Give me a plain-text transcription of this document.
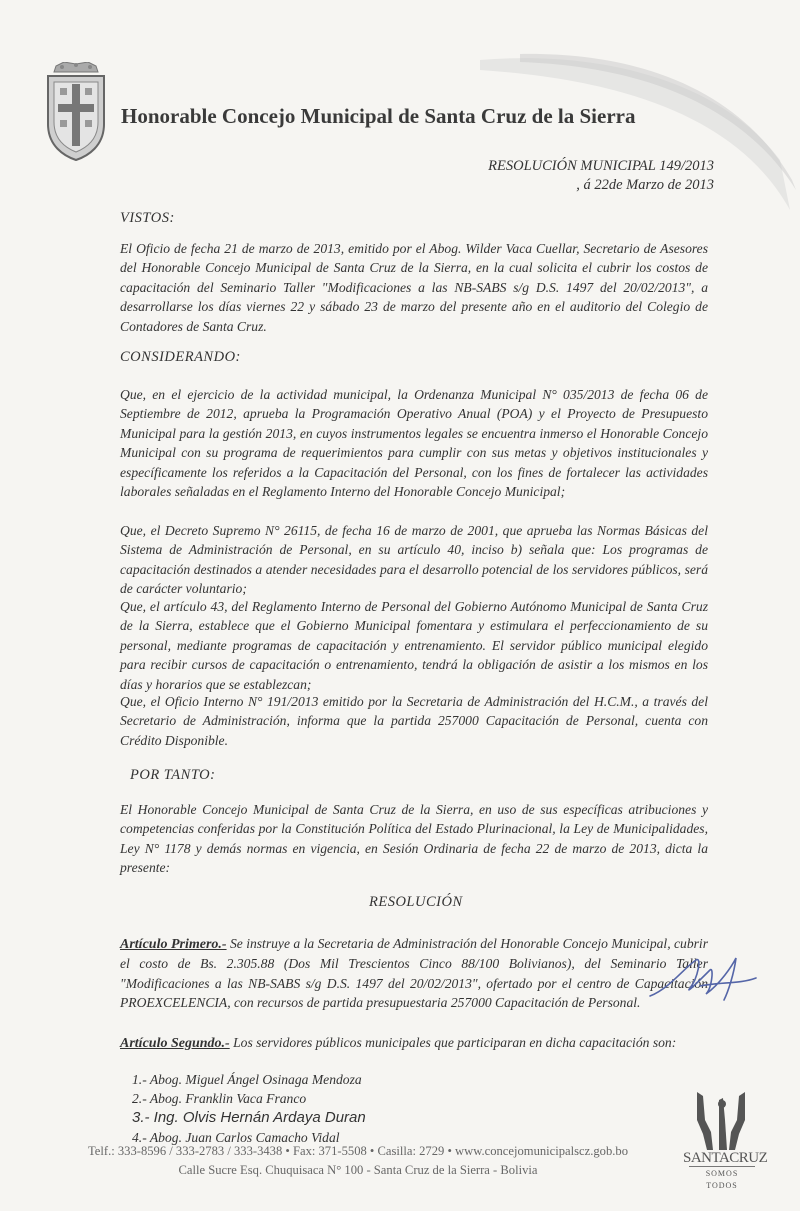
Honorable Concejo Municipal de Santa Cruz de la Sierra
RESOLUCIÓN MUNICIPAL 149/2013
, á 22de Marzo de 2013
VISTOS:

El Oficio de fecha 21 de marzo de 2013, emitido por el Abog. Wilder Vaca Cuellar, Secretario de Asesores del Honorable Concejo Municipal de Santa Cruz de la Sierra, en la cual solicita el cubrir los costos de capacitación del Seminario Taller "Modificaciones a las NB-SABS s/g D.S. 1497 del 20/02/2013", a desarrollarse los días viernes 22 y sábado 23 de marzo del presente año en el auditorio del Colegio de Contadores de Santa Cruz.

CONSIDERANDO:

Que, en el ejercicio de la actividad municipal, la Ordenanza Municipal N° 035/2013 de fecha 06 de Septiembre de 2012, aprueba la Programación Operativo Anual (POA) y el Proyecto de Presupuesto Municipal para la gestión 2013, en cuyos instrumentos legales se encuentra inmerso el Honorable Concejo Municipal con su programa de requerimientos para cumplir con sus metas y objetivos institucionales y específicamente los referidos a la Capacitación del Personal, con los fines de fortalecer las actividades laborales señaladas en el Reglamento Interno del Honorable Concejo Municipal;

Que, el Decreto Supremo N° 26115, de fecha 16 de marzo de 2001, que aprueba las Normas Básicas del Sistema de Administración de Personal, en su artículo 40, inciso b) señala que: Los programas de capacitación destinados a atender necesidades para el desarrollo potencial de los servidores públicos, será de carácter voluntario;

Que, el artículo 43, del Reglamento Interno de Personal del Gobierno Autónomo Municipal de Santa Cruz de la Sierra, establece que el Gobierno Municipal fomentara y estimulara el perfeccionamiento de su personal, mediante programas de capacitación y entrenamiento. El servidor público municipal elegido para recibir cursos de capacitación o entrenamiento, tendrá la obligación de asistir a los mismos en los días y horarios que se establezcan;

Que, el Oficio Interno N° 191/2013 emitido por la Secretaria de Administración del H.C.M., a través del Secretario de Administración, informa que la partida 257000 Capacitación de Personal, cuenta con Crédito Disponible.

POR TANTO:

El Honorable Concejo Municipal de Santa Cruz de la Sierra, en uso de sus específicas atribuciones y competencias conferidas por la Constitución Política del Estado Plurinacional, la Ley de Municipalidades, Ley N° 1178 y demás normas en vigencia, en Sesión Ordinaria de fecha 22 de marzo de 2013, dicta la presente:

RESOLUCIÓN

Artículo Primero.- Se instruye a la Secretaria de Administración del Honorable Concejo Municipal, cubrir el costo de Bs. 2.305.88 (Dos Mil Trescientos Cinco 88/100 Bolivianos), del Seminario Taller "Modificaciones a las NB-SABS s/g D.S. 1497 del 20/02/2013", ofertado por el centro de Capacitación PROEXCELENCIA, con recursos de partida presupuestaria 257000 Capacitación de Personal.

Artículo Segundo.- Los servidores públicos municipales que participaran en dicha capacitación son:

1.- Abog. Miguel Ángel Osinaga Mendoza
2.- Abog. Franklin Vaca Franco
3.- Ing. Olvis Hernán Ardaya Duran
4.- Abog. Juan Carlos Camacho Vidal
SANTACRUZ
SOMOS TODOS
Telf.: 333-8596 / 333-2783 / 333-3438 • Fax: 371-5508 • Casilla: 2729 • www.concejomunicipalscz.gob.bo
Calle Sucre Esq. Chuquisaca N° 100 - Santa Cruz de la Sierra - Bolivia
